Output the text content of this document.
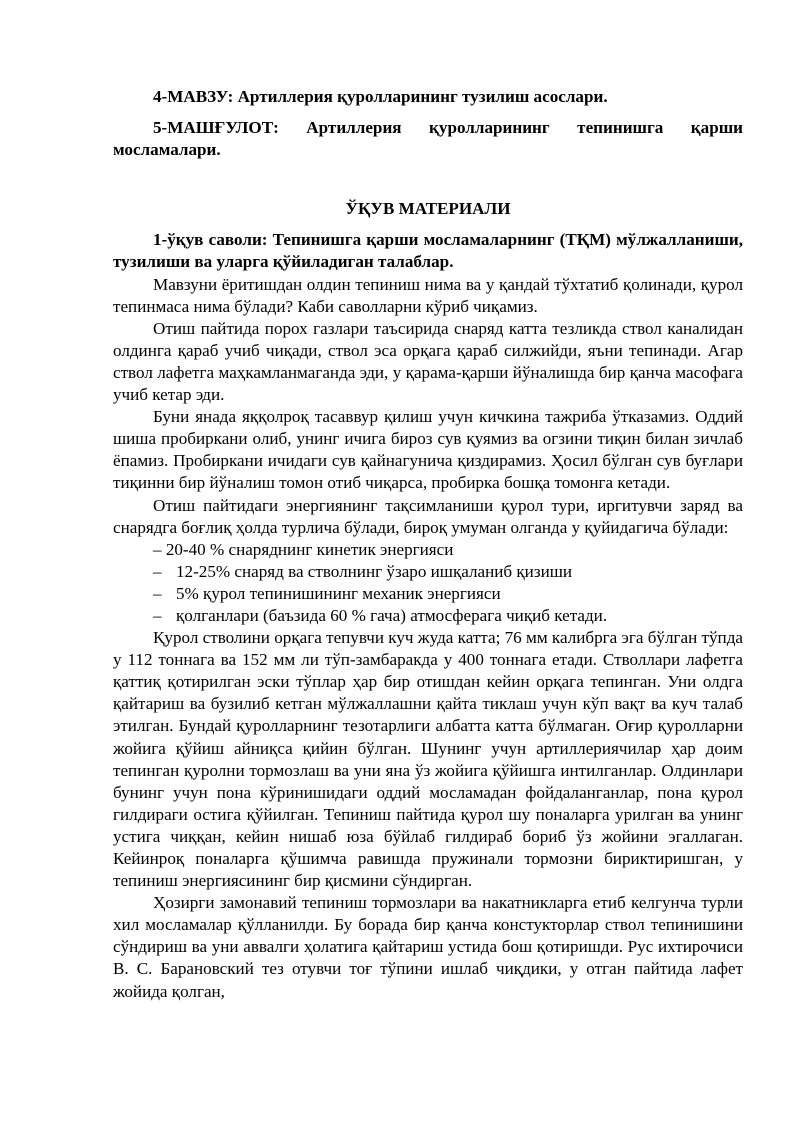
4-МАВЗУ: Артиллерия қуролларининг тузилиш асослари.

5-МАШҒУЛОТ: Артиллерия қуролларининг тепинишга қарши мосламалари.

ЎҚУВ МАТЕРИАЛИ

1-ўқув саволи: Тепинишга қарши мосламаларнинг (ТҚМ) мўлжалланиши, тузилиши ва уларга қўйиладиган талаблар.

Мавзуни ёритишдан олдин тепиниш нима ва у қандай тўхтатиб қолинади, қурол тепинмаса нима бўлади? Каби саволларни кўриб чиқамиз.

Отиш пайтида порох газлари таъсирида снаряд катта тезликда ствол каналидан олдинга қараб учиб чиқади, ствол эса орқага қараб силжийди, яъни тепинади. Агар ствол лафетга маҳкамланмаганда эди, у қарама-қарши йўналишда бир қанча масофага учиб кетар эди.

Буни янада яққолроқ тасаввур қилиш учун кичкина тажриба ўтказамиз. Оддий шиша пробиркани олиб, унинг ичига бироз сув қуямиз ва огзини тиқин билан зичлаб ёпамиз. Пробиркани ичидаги сув қайнагунича қиздирамиз. Ҳосил бўлган сув буғлари тиқинни бир йўналиш томон отиб чиқарса, пробирка бошқа томонга кетади.

Отиш пайтидаги энергиянинг тақсимланиши қурол тури, иргитувчи заряд ва снарядга боғлиқ ҳолда турлича бўлади, бироқ умуман олганда у қуйидагича бўлади:

– 20-40 % снаряднинг кинетик энергияси

– 12-25% снаряд ва стволнинг ўзаро ишқаланиб қизиши

– 5% қурол тепинишининг механик энергияси

– қолганлари (баъзида 60 % гача) атмосферага чиқиб кетади.

Қурол стволини орқага тепувчи куч жуда катта; 76 мм калибрга эга бўлган тўпда у 112 тоннага ва 152 мм ли тўп-замбаракда у 400 тоннага етади. Стволлари лафетга қаттиқ қотирилган эски тўплар ҳар бир отишдан кейин орқага тепинган. Уни олдга қайтариш ва бузилиб кетган мўлжаллашни қайта тиклаш учун кўп вақт ва куч талаб этилган. Бундай қуролларнинг тезотарлиги албатта катта бўлмаган. Оғир қуролларни жойига қўйиш айниқса қийин бўлган. Шунинг учун артиллериячилар ҳар доим тепинган қуролни тормозлаш ва уни яна ўз жойига қўйишга интилганлар. Олдинлари бунинг учун пона кўринишидаги оддий мосламадан фойдаланганлар, пона қурол гилдираги остига қўйилган. Тепиниш пайтида қурол шу поналарга урилган ва унинг устига чиққан, кейин нишаб юза бўйлаб гилдираб бориб ўз жойини эгаллаган. Кейинроқ поналарга қўшимча равишда пружинали тормозни бириктиришган, у тепиниш энергиясининг бир қисмини сўндирган.

Ҳозирги замонавий тепиниш тормозлари ва накатникларга етиб келгунча турли хил мосламалар қўлланилди. Бу борада бир қанча констукторлар ствол тепинишини сўндириш ва уни аввалги ҳолатига қайтариш устида бош қотиришди. Рус ихтирочиси В. С. Барановский тез отувчи тоғ тўпини ишлаб чиқдики, у отган пайтида лафет жойида қолган,
